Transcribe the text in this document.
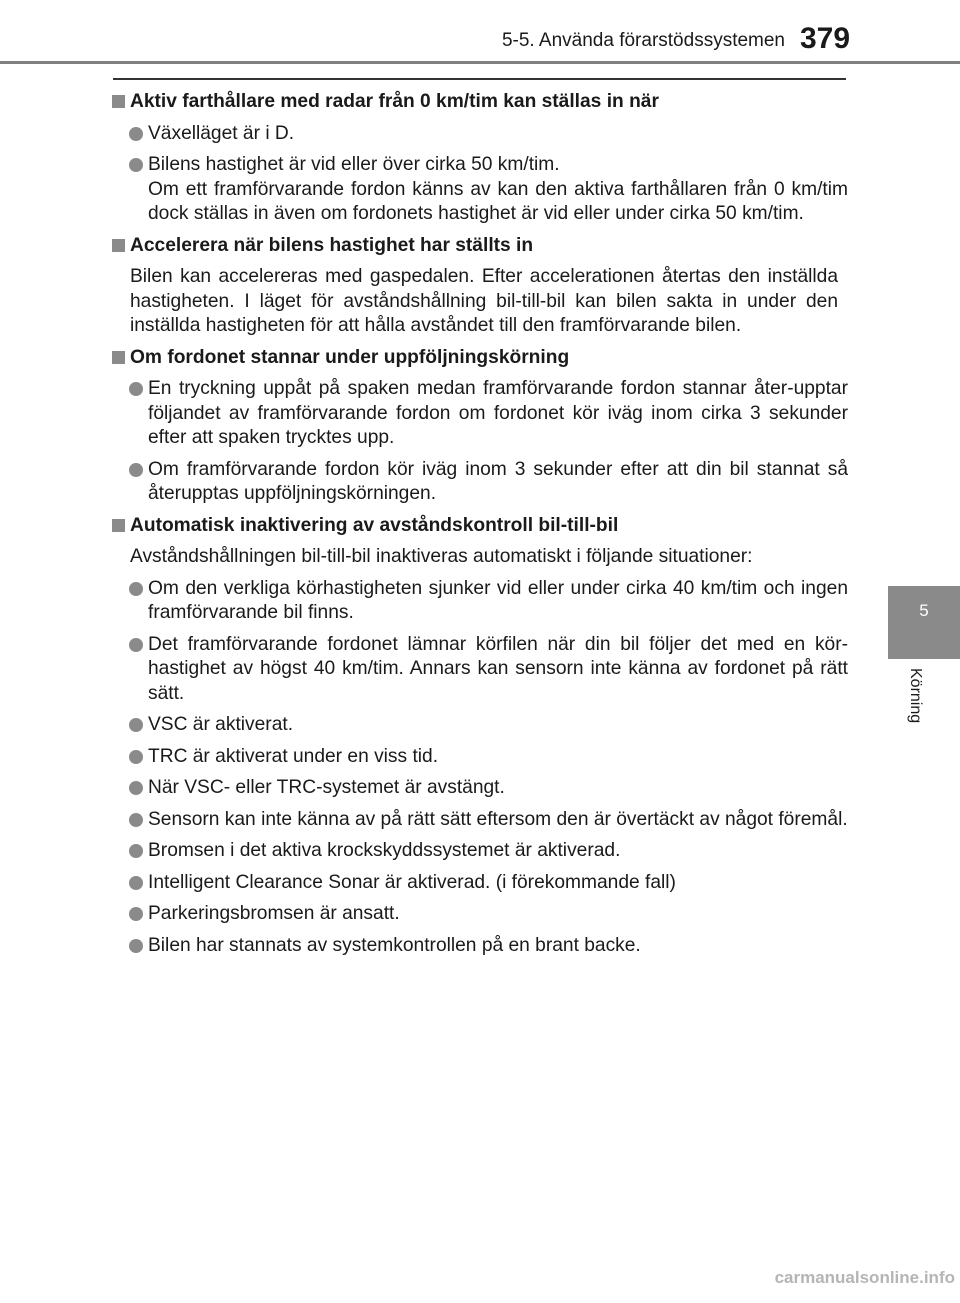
5-5. Använda förarstödssystemen 379
5
Körning
Aktiv farthållare med radar från 0 km/tim kan ställas in när
Växelläget är i D.
Bilens hastighet är vid eller över cirka 50 km/tim.
Om ett framförvarande fordon känns av kan den aktiva farthållaren från 0 km/tim dock ställas in även om fordonets hastighet är vid eller under cirka 50 km/tim.
Accelerera när bilens hastighet har ställts in
Bilen kan accelereras med gaspedalen. Efter accelerationen återtas den inställda hastigheten. I läget för avståndshållning bil-till-bil kan bilen sakta in under den inställda hastigheten för att hålla avståndet till den framförvarande bilen.
Om fordonet stannar under uppföljningskörning
En tryckning uppåt på spaken medan framförvarande fordon stannar åter-upptar följandet av framförvarande fordon om fordonet kör iväg inom cirka 3 sekunder efter att spaken trycktes upp.
Om framförvarande fordon kör iväg inom 3 sekunder efter att din bil stannat så återupptas uppföljningskörningen.
Automatisk inaktivering av avståndskontroll bil-till-bil
Avståndshållningen bil-till-bil inaktiveras automatiskt i följande situationer:
Om den verkliga körhastigheten sjunker vid eller under cirka 40 km/tim och ingen framförvarande bil finns.
Det framförvarande fordonet lämnar körfilen när din bil följer det med en kör-hastighet av högst 40 km/tim. Annars kan sensorn inte känna av fordonet på rätt sätt.
VSC är aktiverat.
TRC är aktiverat under en viss tid.
När VSC- eller TRC-systemet är avstängt.
Sensorn kan inte känna av på rätt sätt eftersom den är övertäckt av något föremål.
Bromsen i det aktiva krockskyddssystemet är aktiverad.
Intelligent Clearance Sonar är aktiverad. (i förekommande fall)
Parkeringsbromsen är ansatt.
Bilen har stannats av systemkontrollen på en brant backe.
carmanualsonline.info
